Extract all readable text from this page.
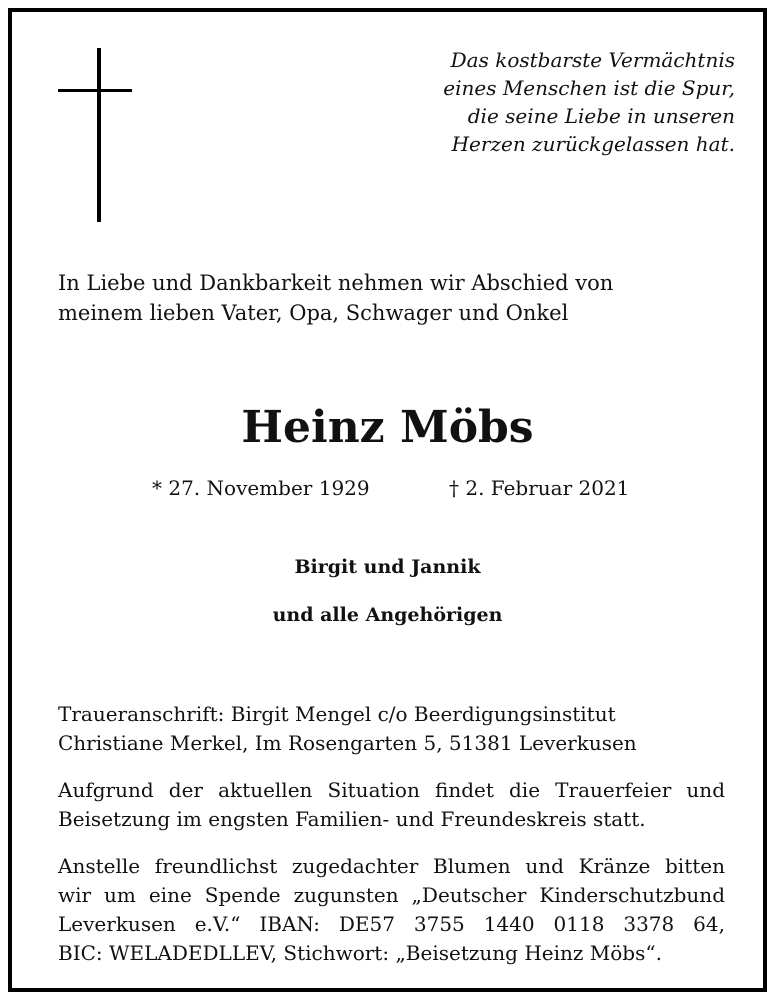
Das kostbarste Vermächtnis
eines Menschen ist die Spur,
die seine Liebe in unseren
Herzen zurückgelassen hat.
In Liebe und Dankbarkeit nehmen wir Abschied von
meinem lieben Vater, Opa, Schwager und Onkel
Heinz Möbs
* 27. November 1929	† 2. Februar 2021
Birgit und Jannik
und alle Angehörigen
Traueranschrift: Birgit Mengel c/o Beerdigungsinstitut
Christiane Merkel, Im Rosengarten 5, 51381 Leverkusen
Aufgrund der aktuellen Situation findet die Trauerfeier und
Beisetzung im engsten Familien- und Freundeskreis statt.
Anstelle freundlichst zugedachter Blumen und Kränze bitten
wir um eine Spende zugunsten „Deutscher Kinderschutzbund
Leverkusen e.V.“ IBAN: DE57 3755 1440 0118 3378 64,
BIC: WELADEDLLEV, Stichwort: „Beisetzung Heinz Möbs“.
